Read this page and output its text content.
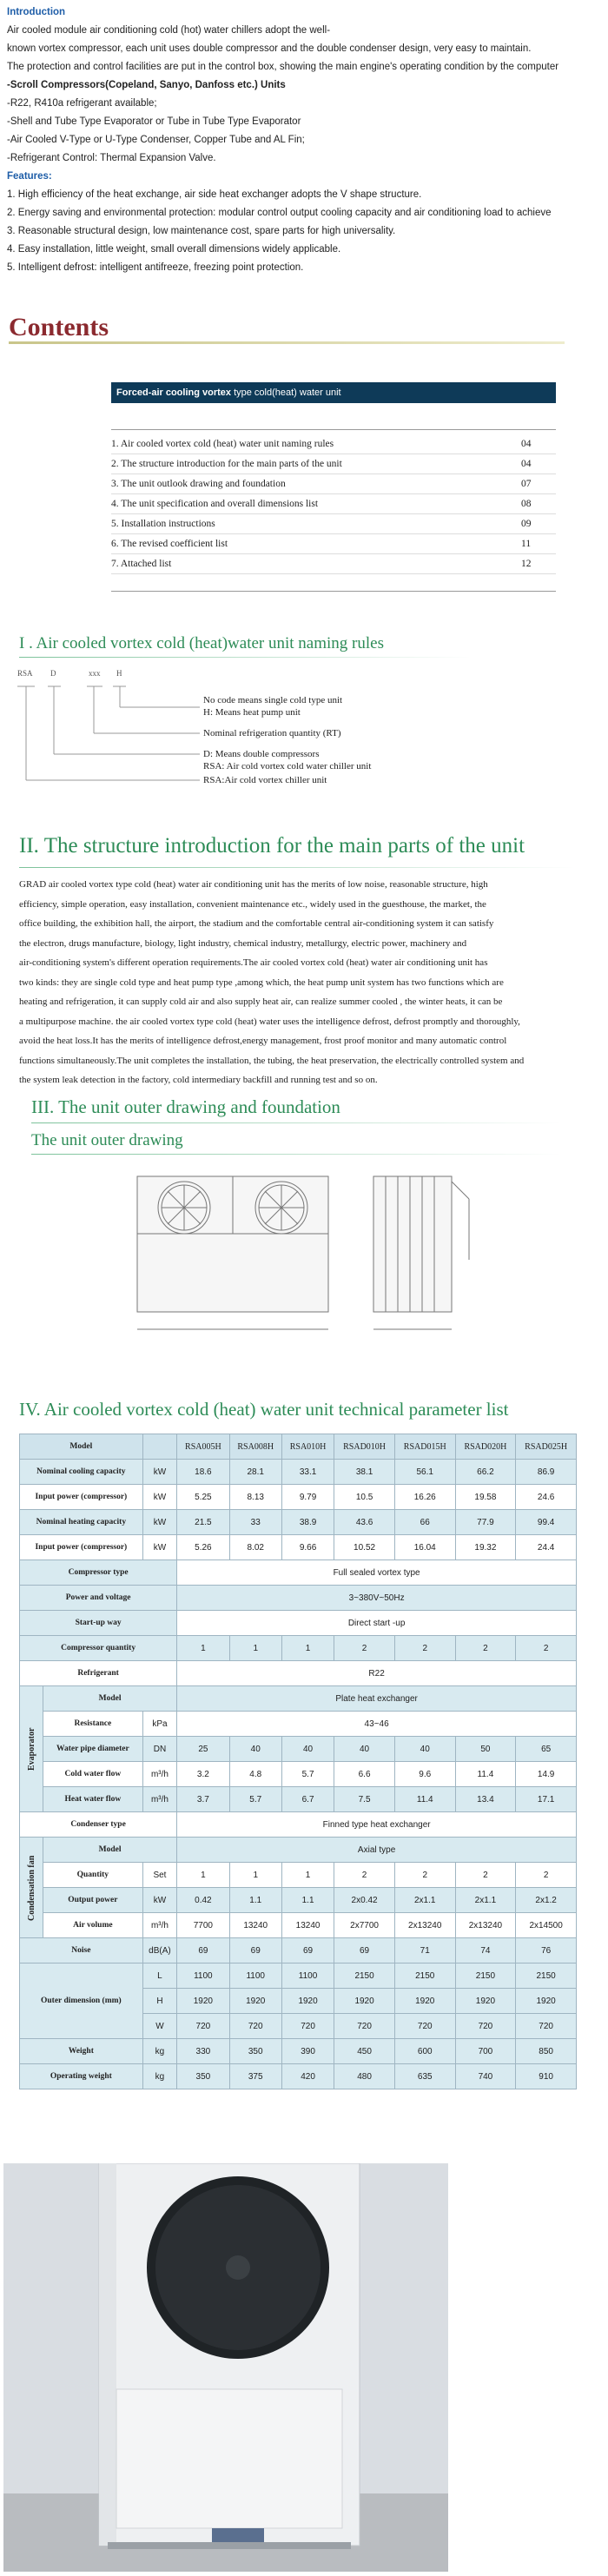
Introduction

Air cooled module air conditioning cold (hot) water chillers adopt the well-

known vortex compressor, each unit uses double compressor and the double condenser design, very easy to maintain.

The protection and control facilities are put in the control box, showing the main engine's operating condition by the computer

-Scroll Compressors(Copeland, Sanyo, Danfoss etc.) Units

-R22, R410a refrigerant available;

-Shell and Tube Type Evaporator or Tube in Tube Type Evaporator

-Air Cooled V-Type or U-Type Condenser, Copper Tube and AL Fin;

-Refrigerant Control: Thermal Expansion Valve.

Features:

1. High efficiency of the heat exchange, air side heat exchanger adopts the V shape structure.

2. Energy saving and environmental protection: modular control output cooling capacity and air conditioning load to achieve

3. Reasonable structural design, low maintenance cost, spare parts for high universality.

4. Easy installation, little weight, small overall dimensions widely applicable.

5. Intelligent defrost: intelligent antifreeze, freezing point protection.

Contents
Forced-air cooling vortex type cold(heat) water unit
1. Air cooled vortex cold (heat) water unit naming rules	04
2. The structure introduction for the main parts of the unit	04
3. The unit outlook drawing and foundation	07
4. The unit specification and overall dimensions list	08
5. Installation instructions	09
6. The revised coefficient list	11
7. Attached list	12
I . Air cooled vortex cold (heat)water unit naming rules
RSA D	xxx H
No code means single cold type unit
H: Means heat pump unit
Nominal refrigeration quantity (RT)
D: Means double compressors
RSA: Air cold vortex cold water chiller unit
RSA:Air cold vortex chiller unit
II. The structure introduction for the main parts of the unit

GRAD air cooled vortex type cold (heat) water air conditioning unit has the merits of low noise, reasonable structure, high

efficiency, simple operation, easy installation, convenient maintenance etc., widely used in the guesthouse, the market, the

office building, the exhibition hall, the airport, the stadium and the comfortable central air-conditioning system it can satisfy

the electron, drugs manufacture, biology, light industry, chemical industry, metallurgy, electric power, machinery and

air-conditioning system's different operation requirements.The air cooled vortex cold (heat) water air conditioning unit has

two kinds: they are single cold type and heat pump type ,among which, the heat pump unit system has two functions which are

heating and refrigeration, it can supply cold air and also supply heat air, can realize summer cooled , the winter heats, it can be

a multipurpose machine. the air cooled vortex type cold (heat) water uses the intelligence defrost, defrost promptly and thoroughly,

avoid the heat loss.It has the merits of intelligence defrost,energy management, frost proof monitor and many automatic control

functions simultaneously.The unit completes the installation, the tubing, the heat preservation, the electrically controlled system and

the system leak detection in the factory, cold intermediary backfill and running test and so on.

III. The unit outer drawing and foundation
The unit outer drawing
IV. Air cooled vortex cold (heat) water unit technical parameter list
Model			RSA005H	RSA008H	RSA010H	RSAD010H	RSAD015H	RSAD020H	RSAD025H
Nominal cooling capacity		kW	18.6	28.1	33.1	38.1	56.1	66.2	86.9
Input power (compressor)		kW	5.25	8.13	9.79	10.5	16.26	19.58	24.6
Nominal heating capacity		kW	21.5	33	38.9	43.6	66	77.9	99.4
Input power (compressor)		kW	5.26	8.02	9.66	10.52	16.04	19.32	24.4
Compressor type			Full sealed vortex type						
Power and voltage			3~380V~50Hz						
Start-up way			Direct start -up						
Compressor quantity			1	1	1	2	2	2	2
Refrigerant			R22						
Evaporator	Model		Plate heat exchanger						
	Resistance	kPa	43~46						
	Water pipe diameter	DN	25	40	40	40	40	50	65
	Cold water flow	m³/h	3.2	4.8	5.7	6.6	9.6	11.4	14.9
	Heat water flow	m³/h	3.7	5.7	6.7	7.5	11.4	13.4	17.1
Condenser type			Finned type heat exchanger						
Condensation fan	Model		Axial type						
	Quantity	Set	1	1	1	2	2	2	2
	Output power	kW	0.42	1.1	1.1	2x0.42	2x1.1	2x1.1	2x1.2
	Air volume	m³/h	7700	13240	13240	2x7700	2x13240	2x13240	2x14500
Noise		dB(A)	69	69	69	69	71	74	76
Outer dimension (mm)		L	1100	1100	1100	2150	2150	2150	2150
		H	1920	1920	1920	1920	1920	1920	1920
		W	720	720	720	720	720	720	720
Weight		kg	330	350	390	450	600	700	850
Operating weight		kg	350	375	420	480	635	740	910
